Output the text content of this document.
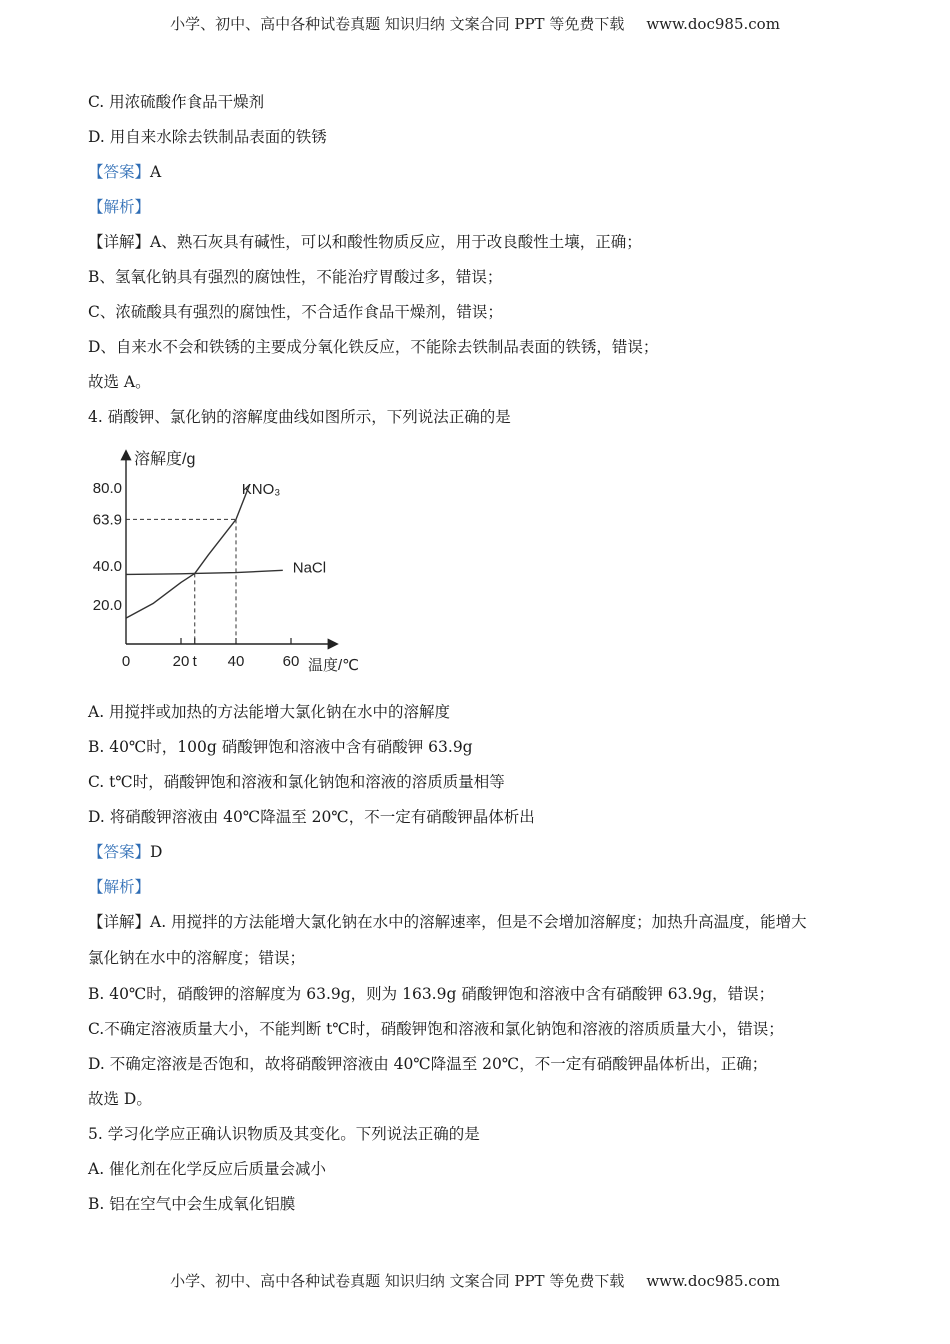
小学、初中、高中各种试卷真题 知识归纳 文案合同 PPT 等免费下载 www.doc985.com
C. 用浓硫酸作食品干燥剂
D. 用自来水除去铁制品表面的铁锈
【答案】A
【解析】
【详解】A、熟石灰具有碱性，可以和酸性物质反应，用于改良酸性土壤，正确；
B、氢氧化钠具有强烈的腐蚀性，不能治疗胃酸过多，错误；
C、浓硫酸具有强烈的腐蚀性，不合适作食品干燥剂，错误；
D、自来水不会和铁锈的主要成分氧化铁反应，不能除去铁制品表面的铁锈，错误；
故选 A。
4. 硝酸钾、氯化钠的溶解度曲线如图所示，下列说法正确的是
溶解度/g
温度/℃
0	20 t 40	60
20.0
40.0
63.9
80.0	KNO₃
NaCl
A. 用搅拌或加热的方法能增大氯化钠在水中的溶解度
B. 40℃时，100g 硝酸钾饱和溶液中含有硝酸钾 63.9g
C. t℃时，硝酸钾饱和溶液和氯化钠饱和溶液的溶质质量相等
D. 将硝酸钾溶液由 40℃降温至 20℃，不一定有硝酸钾晶体析出
【答案】D
【解析】
【详解】A. 用搅拌的方法能增大氯化钠在水中的溶解速率，但是不会增加溶解度；加热升高温度，能增大
氯化钠在水中的溶解度；错误；
B. 40℃时，硝酸钾的溶解度为 63.9g，则为 163.9g 硝酸钾饱和溶液中含有硝酸钾 63.9g，错误；
C.不确定溶液质量大小，不能判断 t℃时，硝酸钾饱和溶液和氯化钠饱和溶液的溶质质量大小，错误；
D. 不确定溶液是否饱和，故将硝酸钾溶液由 40℃降温至 20℃，不一定有硝酸钾晶体析出，正确；
故选 D。
5. 学习化学应正确认识物质及其变化。下列说法正确的是
A. 催化剂在化学反应后质量会减小
B. 铝在空气中会生成氧化铝膜
小学、初中、高中各种试卷真题 知识归纳 文案合同 PPT 等免费下载 www.doc985.com
